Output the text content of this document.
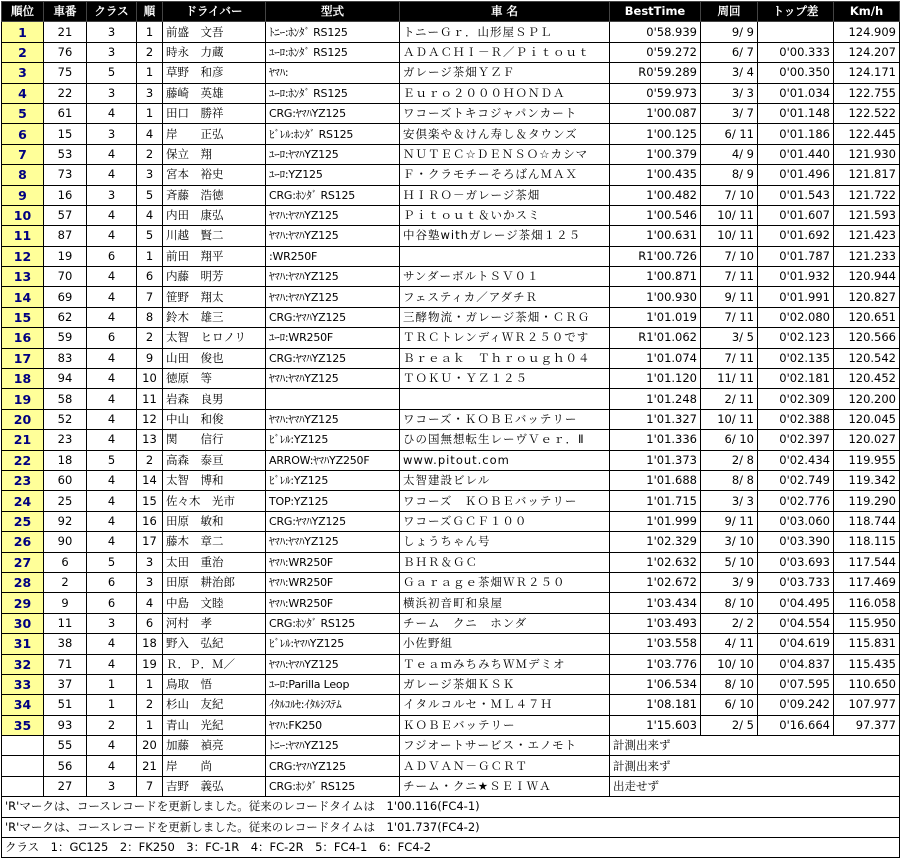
順位	車番	クラス	順	ドライバー	型式	車 名	BestTime	周回	トップ差	Km/h
1	21	3	1	前盛　文吾	ﾄﾆｰ:ﾎﾝﾀﾞ RS125	トニーＧｒ．山形屋ＳＰＬ	0'58.939	9/ 9		124.909
2	76	3	2	時永　力蔵	ﾕｰﾛ:ﾎﾝﾀﾞ RS125	ＡＤＡＣＨＩ－Ｒ／Ｐｉｔｏｕｔ	0'59.272	6/ 7	0'00.333	124.207
3	75	5	1	草野　和彦	ﾔﾏﾊ:	ガレージ茶畑ＹＺＦ	R0'59.289	3/ 4	0'00.350	124.171
4	22	3	3	藤崎　英雄	ﾕｰﾛ:ﾎﾝﾀﾞ RS125	Ｅｕｒｏ２０００ＨＯＮＤＡ	0'59.973	3/ 3	0'01.034	122.755
5	61	4	1	田口　勝祥	CRG:ﾔﾏﾊYZ125	ワコーズトキコジャパンカート	1'00.087	3/ 7	0'01.148	122.522
6	15	3	4	岸　　正弘	ﾋﾞﾚﾙ:ﾎﾝﾀﾞ RS125	安倶楽や＆けん寿し＆タウンズ	1'00.125	6/ 11	0'01.186	122.445
7	53	4	2	保立　翔	ﾕｰﾛ:ﾔﾏﾊYZ125	ＮＵＴＥＣ☆ＤＥＮＳＯ☆カシマ	1'00.379	4/ 9	0'01.440	121.930
8	73	4	3	宮本　裕史	ﾕｰﾛ:YZ125	Ｆ・クラモチーそろばんＭＡＸ	1'00.435	8/ 9	0'01.496	121.817
9	16	3	5	斉藤　浩徳	CRG:ﾎﾝﾀﾞ RS125	ＨＩＲＯ－ガレージ茶畑	1'00.482	7/ 10	0'01.543	121.722
10	57	4	4	内田　康弘	ﾔﾏﾊ:ﾔﾏﾊYZ125	Ｐｉｔｏｕｔ＆いかスミ	1'00.546	10/ 11	0'01.607	121.593
11	87	4	5	川越　賢二	ﾔﾏﾊ:ﾔﾏﾊYZ125	中谷塾withガレージ茶畑１２５	1'00.631	10/ 11	0'01.692	121.423
12	19	6	1	前田　翔平	:WR250F		R1'00.726	7/ 10	0'01.787	121.233
13	70	4	6	内藤　明芳	ﾔﾏﾊ:ﾔﾏﾊYZ125	サンダーボルトＳＶ０１	1'00.871	7/ 11	0'01.932	120.944
14	69	4	7	笹野　翔太	ﾔﾏﾊ:ﾔﾏﾊYZ125	フェスティカ／アダチＲ	1'00.930	9/ 11	0'01.991	120.827
15	62	4	8	鈴木　雄三	CRG:ﾔﾏﾊYZ125	三酵物流・ガレージ茶畑・ＣＲＧ	1'01.019	7/ 11	0'02.080	120.651
16	59	6	2	太智　ヒロノリ	ﾕｰﾛ:WR250F	ＴＲＣトレンディＷＲ２５０です	R1'01.062	3/ 5	0'02.123	120.566
17	83	4	9	山田　俊也	CRG:ﾔﾏﾊYZ125	Ｂｒｅａｋ　Ｔｈｒｏｕｇｈ０４	1'01.074	7/ 11	0'02.135	120.542
18	94	4	10	徳原　等	ﾔﾏﾊ:ﾔﾏﾊYZ125	ＴＯＫＵ・ＹＺ１２５	1'01.120	11/ 11	0'02.181	120.452
19	58	4	11	岩森　良男			1'01.248	2/ 11	0'02.309	120.200
20	52	4	12	中山　和俊	ﾔﾏﾊ:ﾔﾏﾊYZ125	ワコーズ・ＫＯＢＥバッテリー	1'01.327	10/ 11	0'02.388	120.045
21	23	4	13	関　　信行	ﾋﾞﾚﾙ:YZ125	ひの国無想転生レーヴＶｅｒ．Ⅱ	1'01.336	6/ 10	0'02.397	120.027
22	18	5	2	高森　泰亘	ARROW:ﾔﾏﾊYZ250F	www.pitout.com	1'01.373	2/ 8	0'02.434	119.955
23	60	4	14	太智　博和	ﾋﾞﾚﾙ:YZ125	太智建設ビレル	1'01.688	8/ 8	0'02.749	119.342
24	25	4	15	佐々木　光市	TOP:YZ125	ワコーズ　ＫＯＢＥバッテリー	1'01.715	3/ 3	0'02.776	119.290
25	92	4	16	田原　敏和	CRG:ﾔﾏﾊYZ125	ワコーズＧＣＦ１００	1'01.999	9/ 11	0'03.060	118.744
26	90	4	17	藤木　章二	ﾔﾏﾊ:ﾔﾏﾊYZ125	しょうちゃん号	1'02.329	3/ 10	0'03.390	118.115
27	6	5	3	太田　重治	ﾔﾏﾊ:WR250F	ＢＨＲ＆ＧＣ	1'02.632	5/ 10	0'03.693	117.544
28	2	6	3	田原　耕治郎	ﾔﾏﾊ:WR250F	Ｇａｒａｇｅ茶畑ＷＲ２５０	1'02.672	3/ 9	0'03.733	117.469
29	9	6	4	中島　文睦	ﾔﾏﾊ:WR250F	横浜初音町和泉屋	1'03.434	8/ 10	0'04.495	116.058
30	11	3	6	河村　孝	CRG:ﾎﾝﾀﾞ RS125	チーム　クニ　ホンダ	1'03.493	2/ 2	0'04.554	115.950
31	38	4	18	野入　弘紀	ﾋﾞﾚﾙ:ﾔﾏﾊYZ125	小佐野組	1'03.558	4/ 11	0'04.619	115.831
32	71	4	19	Ｒ．Ｐ．Ｍ／	ﾔﾏﾊ:ﾔﾏﾊYZ125	ＴｅａｍみちみちＷＭデミオ	1'03.776	10/ 10	0'04.837	115.435
33	37	1	1	鳥取　悟	ﾕｰﾛ:Parilla Leop	ガレージ茶畑ＫＳＫ	1'06.534	8/ 10	0'07.595	110.650
34	51	1	2	杉山　友紀	ｲﾀﾙｺﾙｾ:ｲﾀﾙｼｽﾃﾑ	イタルコルセ・ＭＬ４７Ｈ	1'08.181	6/ 10	0'09.242	107.977
35	93	2	1	青山　光紀	ﾔﾏﾊ:FK250	ＫＯＢＥバッテリー	1'15.603	2/ 5	0'16.664	97.377
	55	4	20	加藤　禎亮	ﾄﾆｰ:ﾔﾏﾊYZ125	フジオートサービス・エノモト	計測出来ず			
	56	4	21	岸　　尚	CRG:ﾔﾏﾊYZ125	ＡＤＶＡＮ－ＧＣＲＴ	計測出来ず			
	27	3	7	吉野　義弘	CRG:ﾎﾝﾀﾞ RS125	チーム・クニ★ＳＥＩＷＡ	出走せず			
'R'マークは、コースレコードを更新しました。従来のレコードタイムは　1'00.116(FC4-1)										
'R'マークは、コースレコードを更新しました。従来のレコードタイムは　1'01.737(FC4-2)										
クラス　1：GC125　2：FK250　3：FC-1R　4：FC-2R　5：FC4-1　6：FC4-2										
